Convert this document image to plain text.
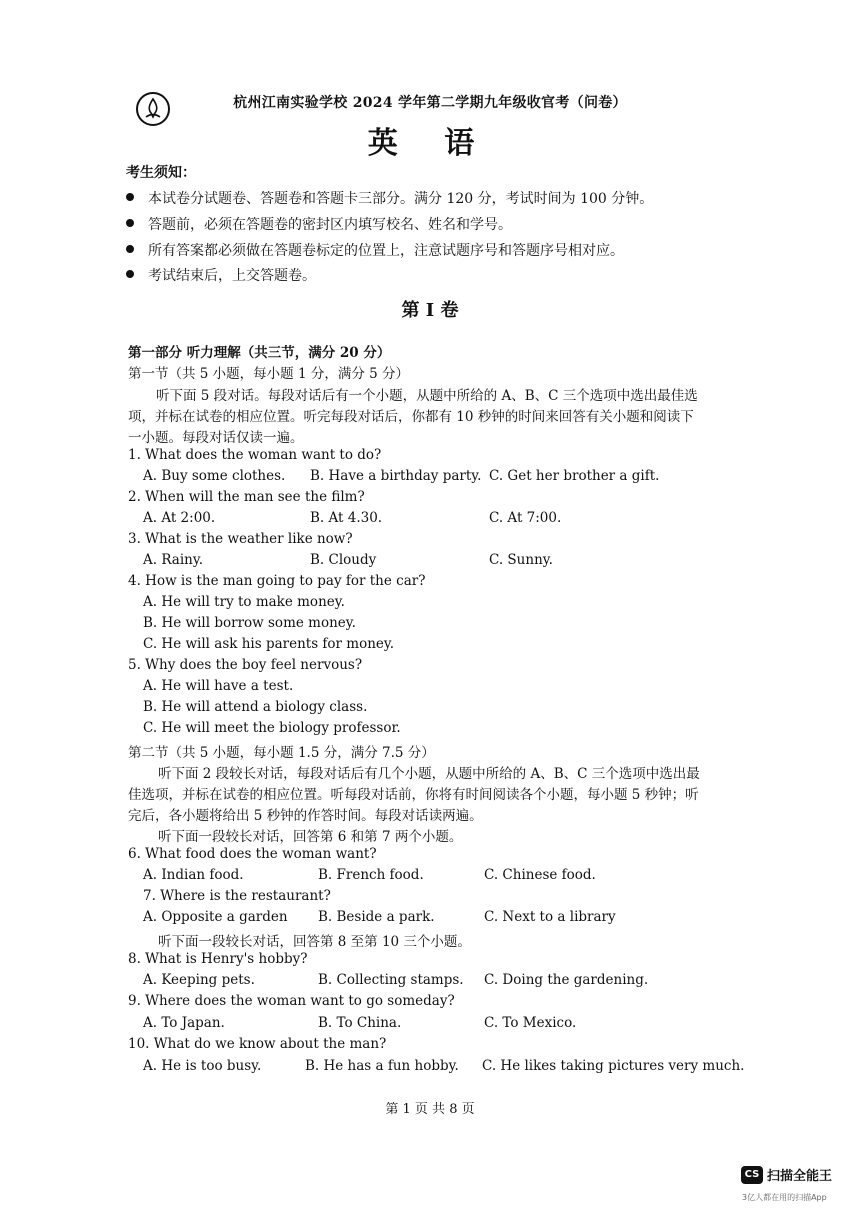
杭州江南实验学校 2024 学年第二学期九年级收官考（问卷）
英 语
考生须知：
本试卷分试题卷、答题卷和答题卡三部分。满分 120 分，考试时间为 100 分钟。
答题前，必须在答题卷的密封区内填写校名、姓名和学号。
所有答案都必须做在答题卷标定的位置上，注意试题序号和答题序号相对应。
考试结束后，上交答题卷。
第 I 卷
第一部分 听力理解（共三节，满分 20 分）
第一节（共 5 小题，每小题 1 分，满分 5 分）
听下面 5 段对话。每段对话后有一个小题，从题中所给的 A、B、C 三个选项中选出最佳选
项，并标在试卷的相应位置。听完每段对话后，你都有 10 秒钟的时间来回答有关小题和阅读下
一小题。每段对话仅读一遍。
1. What does the woman want to do?
A. Buy some clothes. B. Have a birthday party. C. Get her brother a gift.
2. When will the man see the film?
A. At 2:00.	B. At 4.30.	C. At 7:00.
3. What is the weather like now?
A. Rainy.	B. Cloudy	C. Sunny.
4. How is the man going to pay for the car?
A. He will try to make money.
B. He will borrow some money.
C. He will ask his parents for money.
5. Why does the boy feel nervous?
A. He will have a test.
B. He will attend a biology class.
C. He will meet the biology professor.
第二节（共 5 小题，每小题 1.5 分，满分 7.5 分）
听下面 2 段较长对话，每段对话后有几个小题，从题中所给的 A、B、C 三个选项中选出最
佳选项，并标在试卷的相应位置。听每段对话前，你将有时间阅读各个小题，每小题 5 秒钟；听
完后，各小题将给出 5 秒钟的作答时间。每段对话读两遍。
听下面一段较长对话，回答第 6 和第 7 两个小题。
6. What food does the woman want?
A. Indian food.	B. French food.	C. Chinese food.
7. Where is the restaurant?
A. Opposite a garden B. Beside a park.	C. Next to a library
听下面一段较长对话，回答第 8 至第 10 三个小题。
8. What is Henry's hobby?
A. Keeping pets.	B. Collecting stamps. C. Doing the gardening.
9. Where does the woman want to go someday?
A. To Japan.	B. To China.	C. To Mexico.
10. What do we know about the man?
A. He is too busy.	B. He has a fun hobby. C. He likes taking pictures very much.
第 1 页 共 8 页
CS 扫描全能王
3亿人都在用的扫描App
